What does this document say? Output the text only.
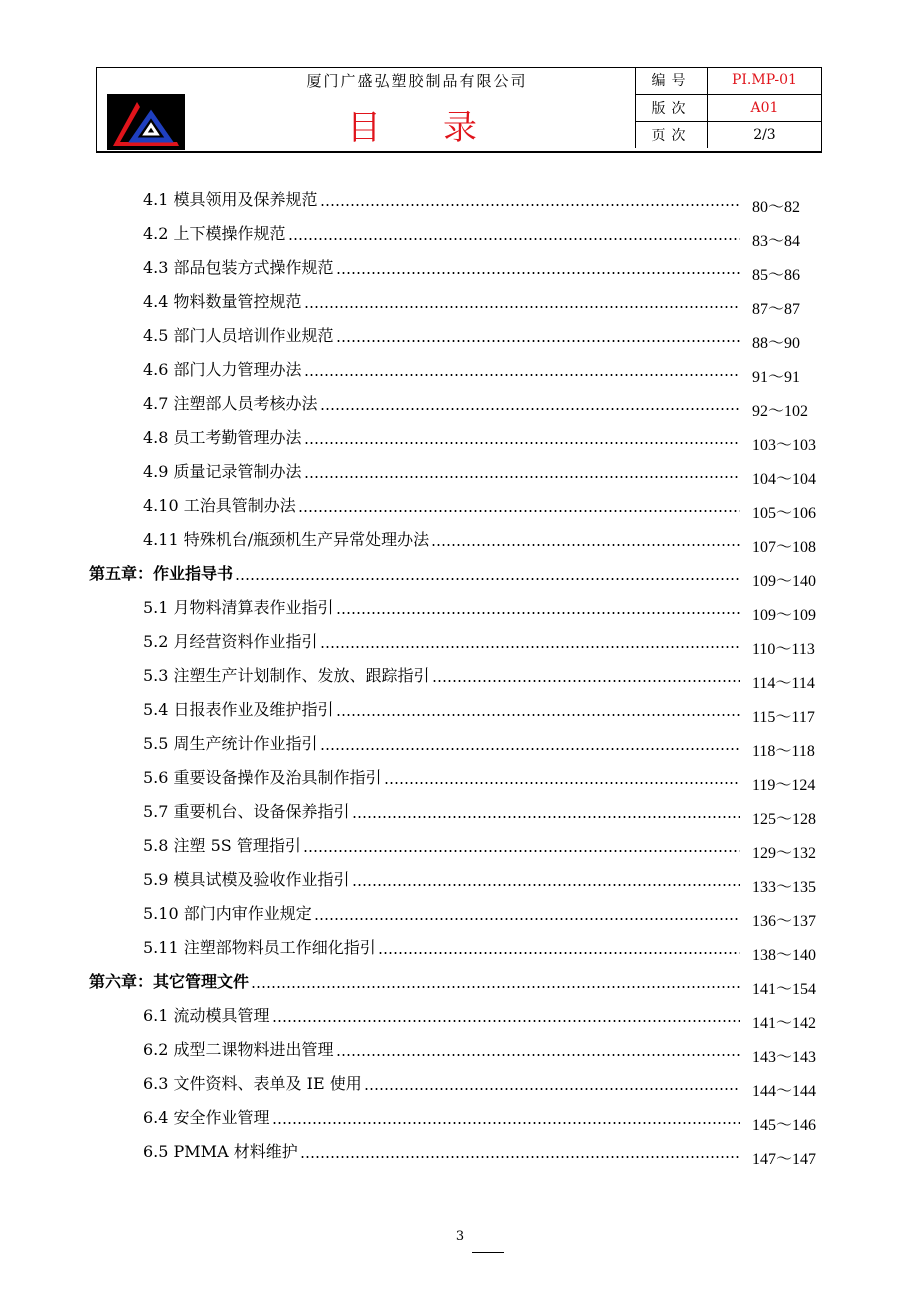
厦门广盛弘塑胶制品有限公司
目录
编号	PI.MP-01
版次	A01
页次	2/3
4.1 模具领用及保养规范	80～82
4.2 上下模操作规范	83～84
4.3 部品包装方式操作规范	85～86
4.4 物料数量管控规范	87～87
4.5 部门人员培训作业规范	88～90
4.6 部门人力管理办法	91～91
4.7 注塑部人员考核办法	92～102
4.8 员工考勤管理办法	103～103
4.9 质量记录管制办法	104～104
4.10 工治具管制办法	105～106
4.11 特殊机台/瓶颈机生产异常处理办法	107～108
第五章：作业指导书	109～140
5.1 月物料清算表作业指引	109～109
5.2 月经营资料作业指引	110～113
5.3 注塑生产计划制作、发放、跟踪指引	114～114
5.4 日报表作业及维护指引	115～117
5.5 周生产统计作业指引	118～118
5.6 重要设备操作及治具制作指引	119～124
5.7 重要机台、设备保养指引	125～128
5.8 注塑 5S 管理指引	129～132
5.9 模具试模及验收作业指引	133～135
5.10 部门内审作业规定	136～137
5.11 注塑部物料员工作细化指引	138～140
第六章：其它管理文件	141～154
6.1 流动模具管理	141～142
6.2 成型二课物料进出管理	143～143
6.3 文件资料、表单及 IE 使用	144～144
6.4 安全作业管理	145～146
6.5 PMMA 材料维护	147～147
3
